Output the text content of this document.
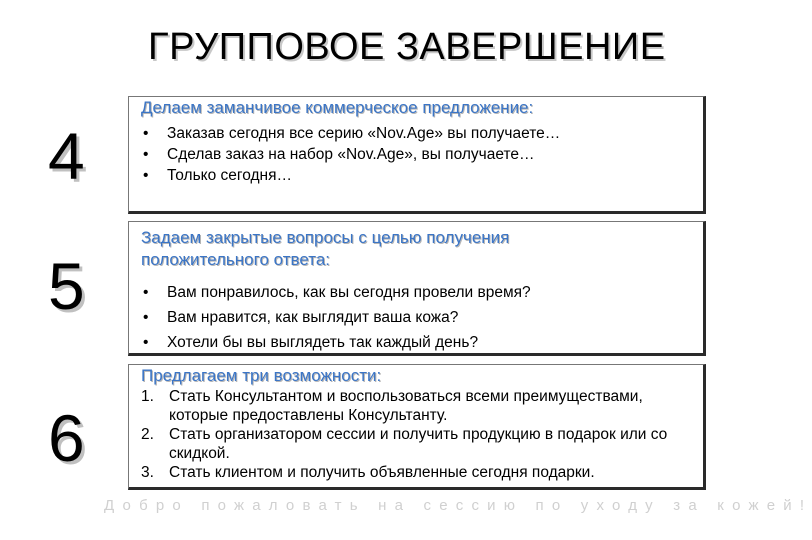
ГРУППОВОЕ ЗАВЕРШЕНИЕ
4
Делаем заманчивое коммерческое предложение:
• Заказав сегодня все серию «Nov.Age» вы получаете…
• Сделав заказ на набор «Nov.Age», вы получаете…
• Только сегодня…
5
Задаем закрытые вопросы с целью получения
положительного ответа:
• Вам понравилось, как вы сегодня провели время?
• Вам нравится, как выглядит ваша кожа?
• Хотели бы вы выглядеть так каждый день?
6
Предлагаем три возможности:
1. Стать Консультантом и воспользоваться всеми преимуществами, которые предоставлены Консультанту.
2. Стать организатором сессии и получить продукцию в подарок или со скидкой.
3. Стать клиентом и получить объявленные сегодня подарки.
Добро пожаловать на сессию по уходу за кожей!
